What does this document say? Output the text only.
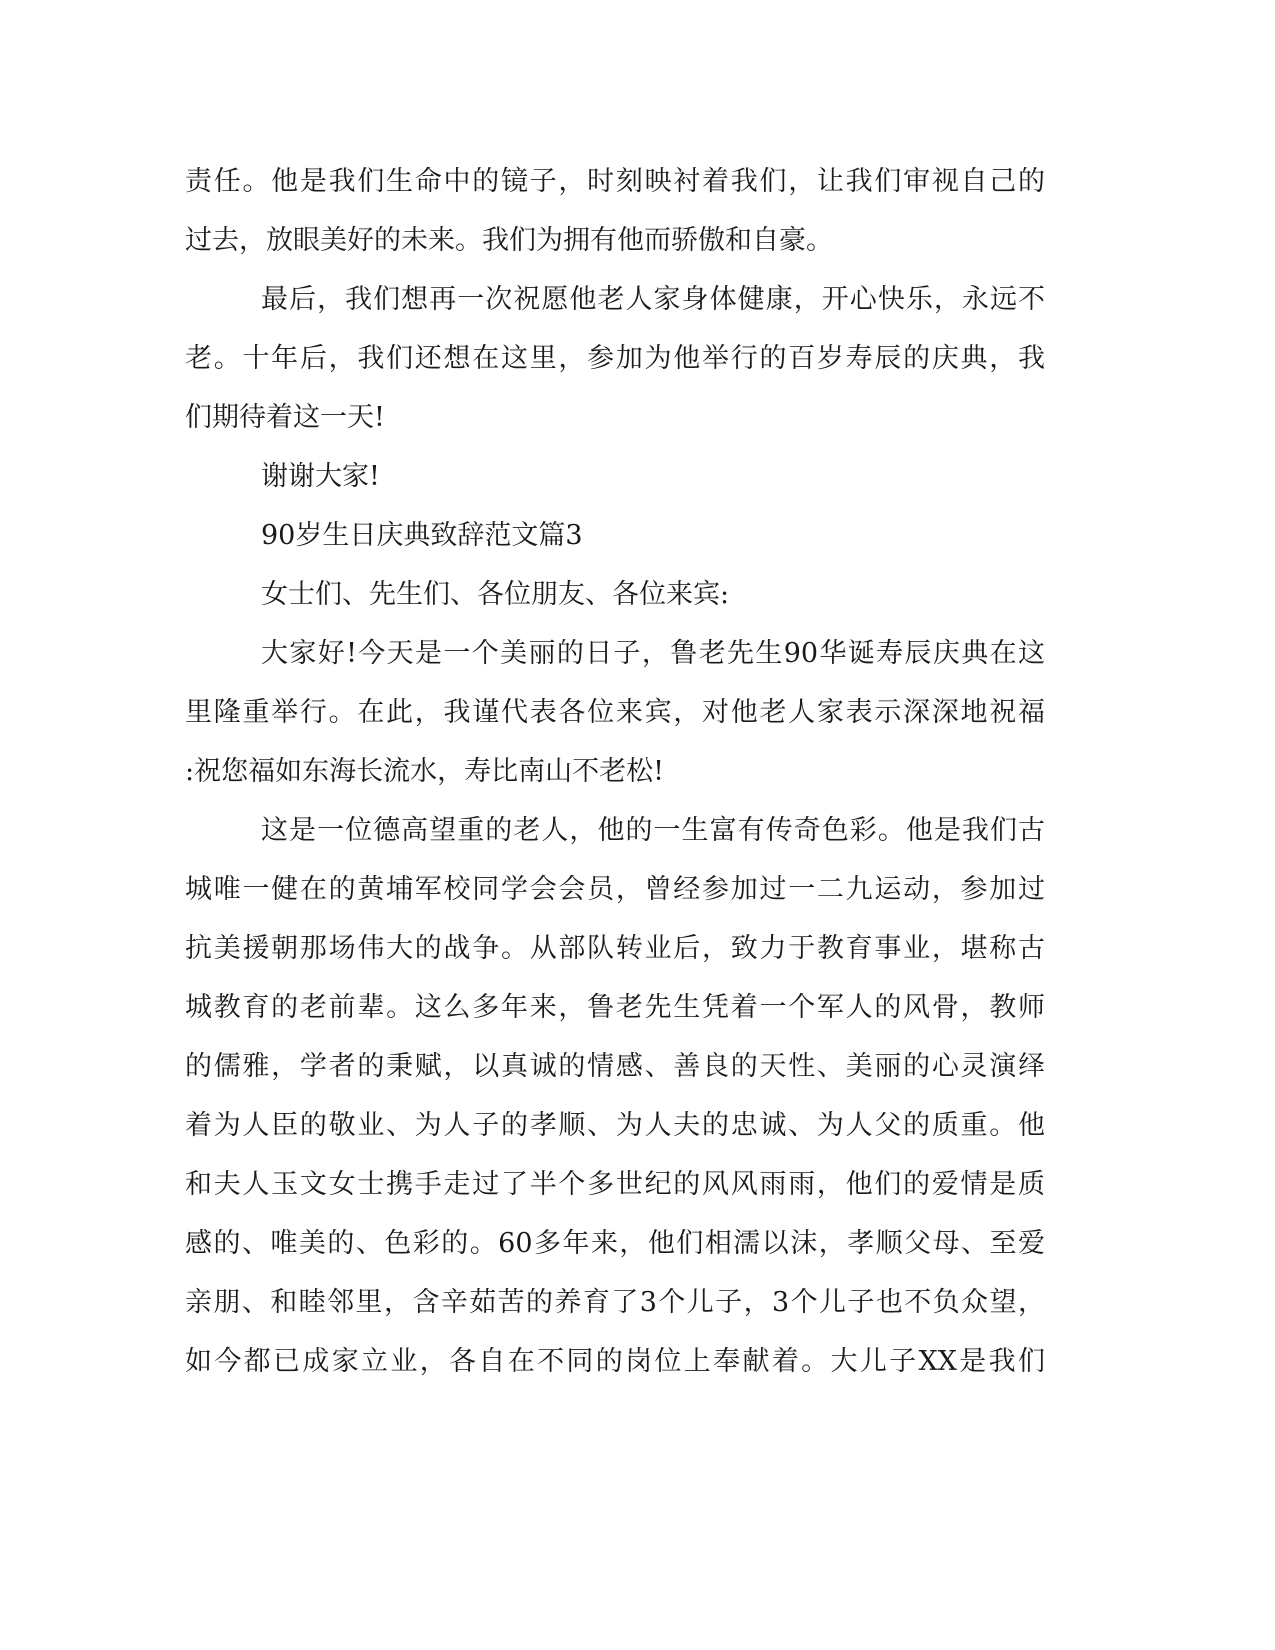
责任。他是我们生命中的镜子，时刻映衬着我们，让我们审视自己的
过去，放眼美好的未来。我们为拥有他而骄傲和自豪。
最后，我们想再一次祝愿他老人家身体健康，开心快乐，永远不
老。十年后，我们还想在这里，参加为他举行的百岁寿辰的庆典，我
们期待着这一天!
谢谢大家!
90岁生日庆典致辞范文篇3
女士们、先生们、各位朋友、各位来宾:
大家好!今天是一个美丽的日子，鲁老先生90华诞寿辰庆典在这
里隆重举行。在此，我谨代表各位来宾，对他老人家表示深深地祝福
:祝您福如东海长流水，寿比南山不老松!
这是一位德高望重的老人，他的一生富有传奇色彩。他是我们古
城唯一健在的黄埔军校同学会会员，曾经参加过一二九运动，参加过
抗美援朝那场伟大的战争。从部队转业后，致力于教育事业，堪称古
城教育的老前辈。这么多年来，鲁老先生凭着一个军人的风骨，教师
的儒雅，学者的秉赋，以真诚的情感、善良的天性、美丽的心灵演绎
着为人臣的敬业、为人子的孝顺、为人夫的忠诚、为人父的质重。他
和夫人玉文女士携手走过了半个多世纪的风风雨雨，他们的爱情是质
感的、唯美的、色彩的。60多年来，他们相濡以沫，孝顺父母、至爱
亲朋、和睦邻里，含辛茹苦的养育了3个儿子，3个儿子也不负众望，
如今都已成家立业，各自在不同的岗位上奉献着。大儿子XX是我们
